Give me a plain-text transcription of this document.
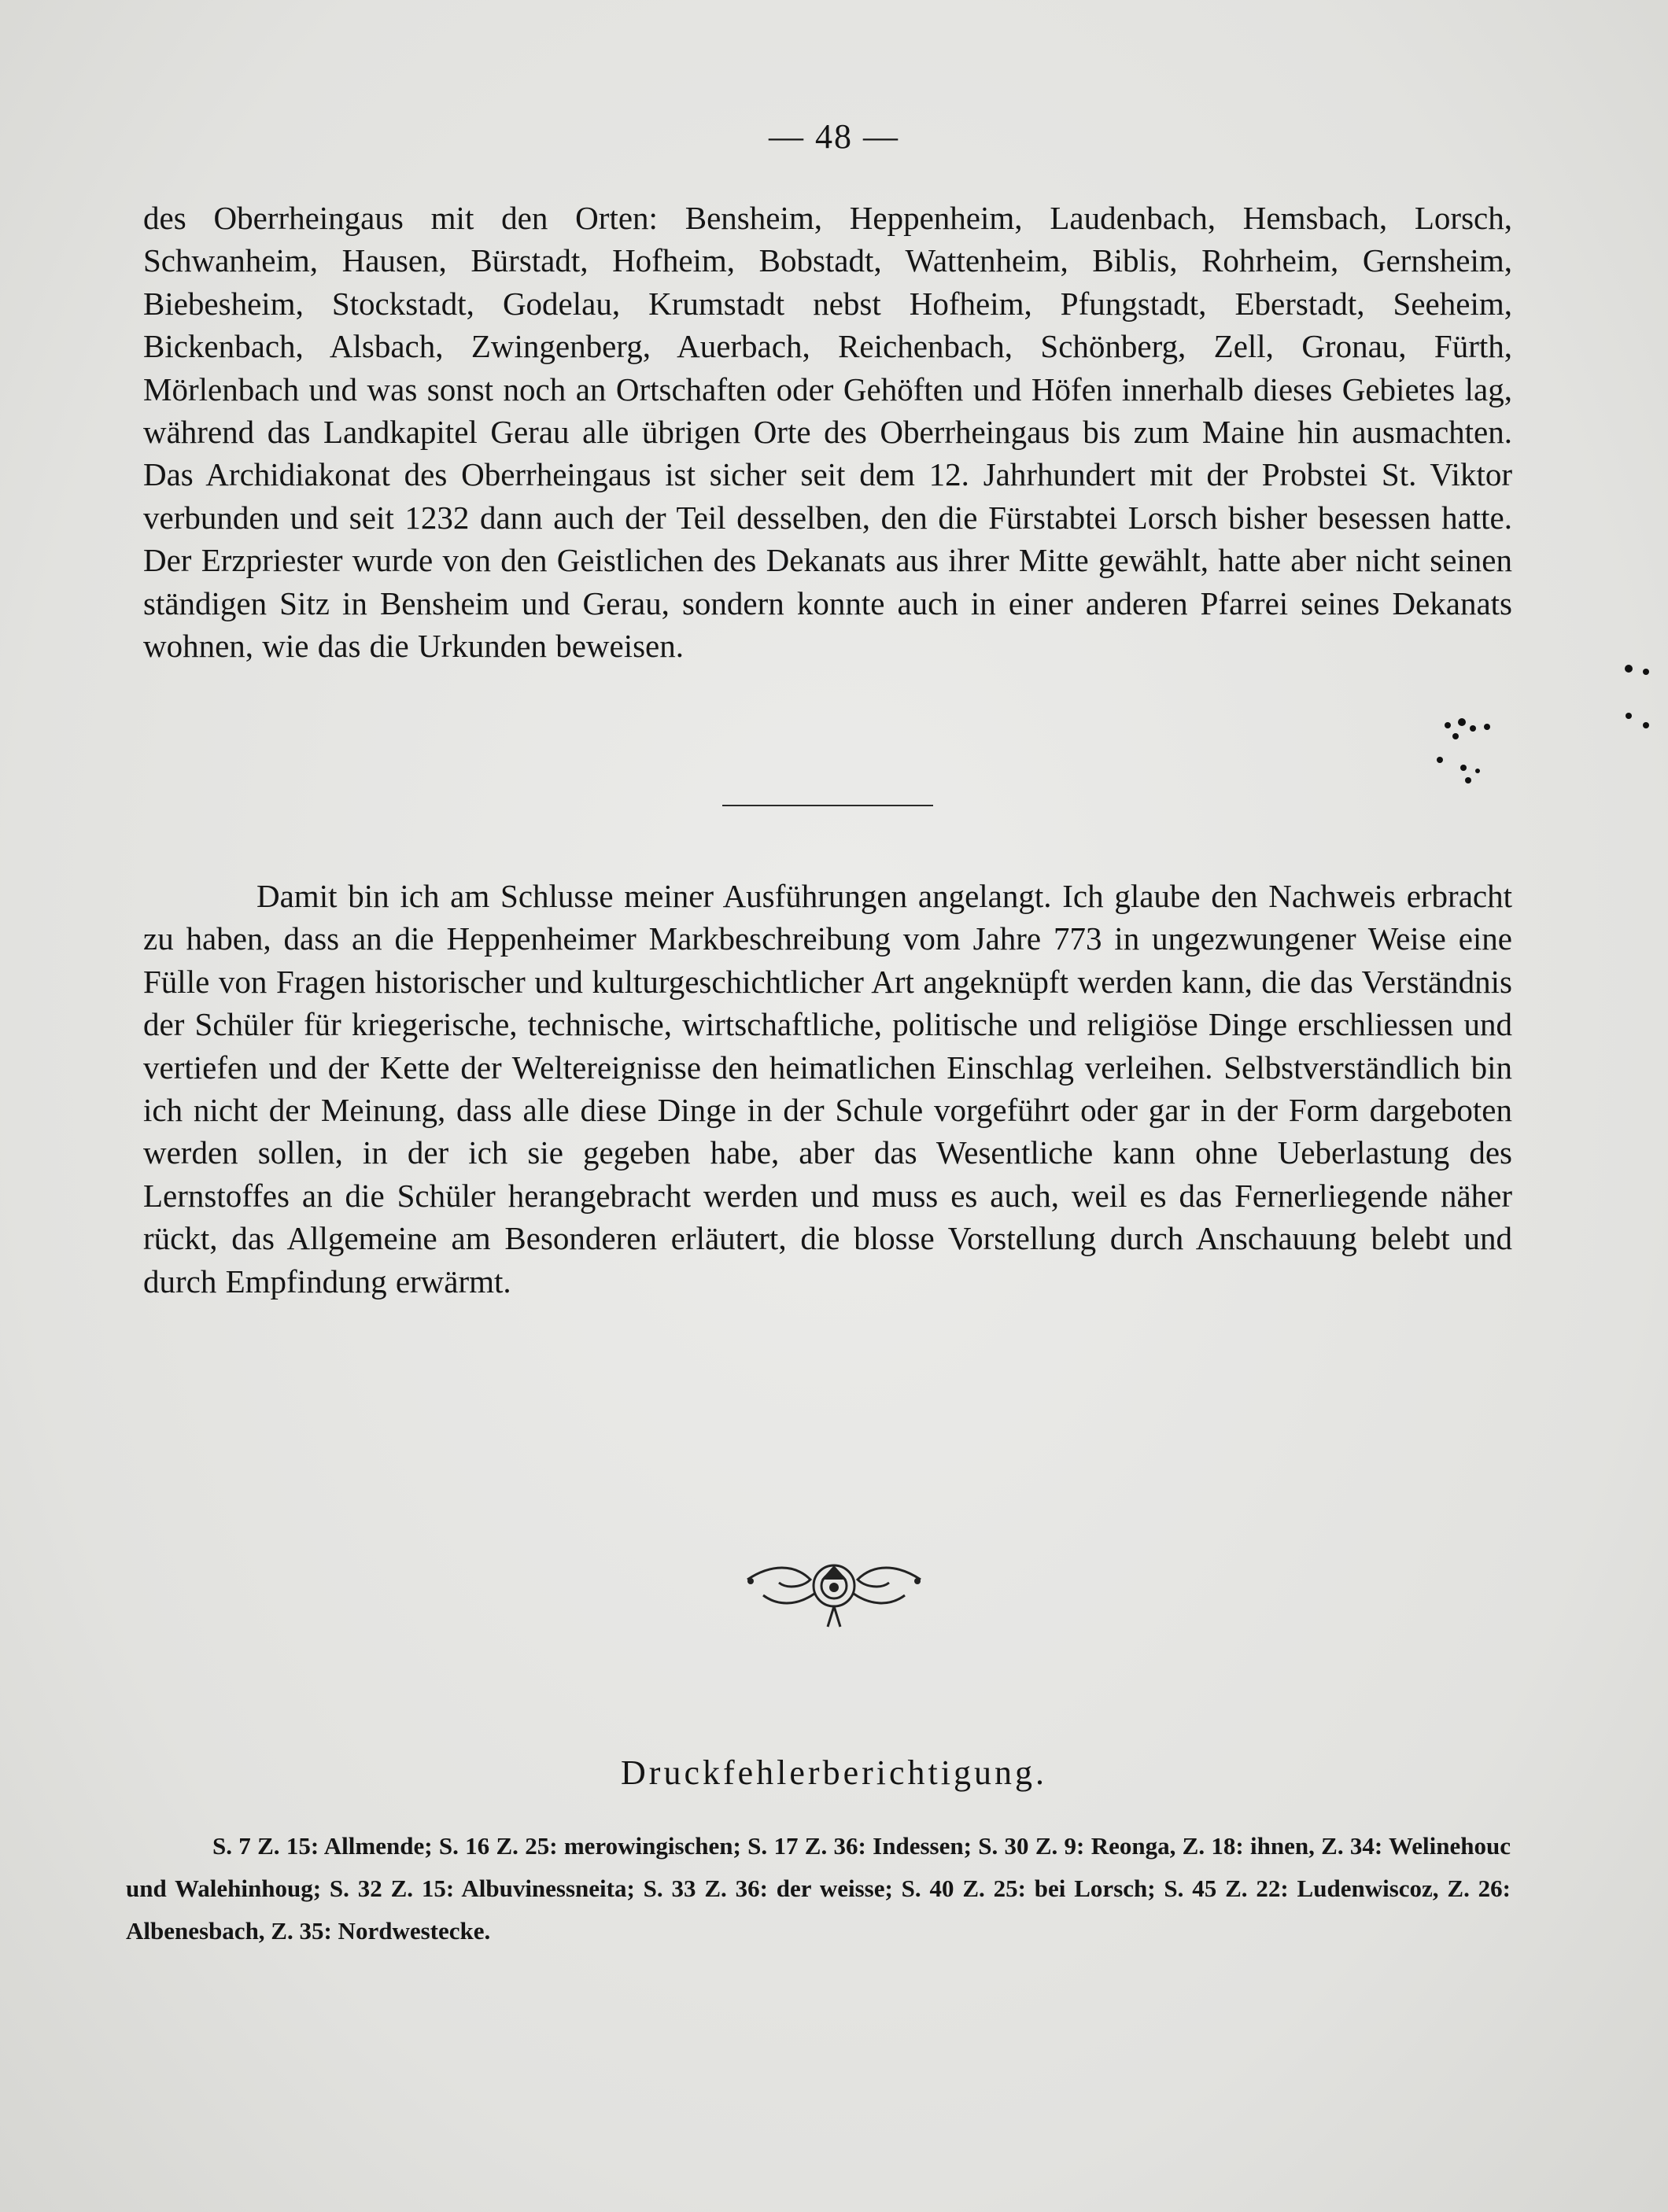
— 48 —

des Oberrheingaus mit den Orten: Bensheim, Heppenheim, Laudenbach, Hemsbach, Lorsch, Schwanheim, Hausen, Bürstadt, Hofheim, Bobstadt, Wattenheim, Biblis, Rohrheim, Gernsheim, Biebesheim, Stockstadt, Godelau, Krumstadt nebst Hofheim, Pfungstadt, Eberstadt, Seeheim, Bickenbach, Alsbach, Zwingenberg, Auerbach, Reichenbach, Schönberg, Zell, Gronau, Fürth, Mörlenbach und was sonst noch an Ortschaften oder Gehöften und Höfen innerhalb dieses Gebietes lag, während das Landkapitel Gerau alle übrigen Orte des Oberrheingaus bis zum Maine hin ausmachten. Das Archidiakonat des Oberrheingaus ist sicher seit dem 12. Jahrhundert mit der Probstei St. Viktor verbunden und seit 1232 dann auch der Teil desselben, den die Fürstabtei Lorsch bisher besessen hatte. Der Erzpriester wurde von den Geistlichen des Dekanats aus ihrer Mitte gewählt, hatte aber nicht seinen ständigen Sitz in Bensheim und Gerau, sondern konnte auch in einer anderen Pfarrei seines Dekanats wohnen, wie das die Urkunden beweisen.

Damit bin ich am Schlusse meiner Ausführungen angelangt. Ich glaube den Nachweis erbracht zu haben, dass an die Heppenheimer Markbeschreibung vom Jahre 773 in ungezwungener Weise eine Fülle von Fragen historischer und kulturgeschichtlicher Art angeknüpft werden kann, die das Verständnis der Schüler für kriegerische, technische, wirtschaftliche, politische und religiöse Dinge erschliessen und vertiefen und der Kette der Weltereignisse den heimatlichen Einschlag verleihen. Selbstverständlich bin ich nicht der Meinung, dass alle diese Dinge in der Schule vorgeführt oder gar in der Form dargeboten werden sollen, in der ich sie gegeben habe, aber das Wesentliche kann ohne Ueberlastung des Lernstoffes an die Schüler herangebracht werden und muss es auch, weil es das Fernerliegende näher rückt, das Allgemeine am Besonderen erläutert, die blosse Vorstellung durch Anschauung belebt und durch Empfindung erwärmt.

Druckfehlerberichtigung.

S. 7 Z. 15: Allmende; S. 16 Z. 25: merowingischen; S. 17 Z. 36: Indessen; S. 30 Z. 9: Reonga, Z. 18: ihnen, Z. 34: Welinehouc und Walehinhoug; S. 32 Z. 15: Albuvinessneita; S. 33 Z. 36: der weisse; S. 40 Z. 25: bei Lorsch; S. 45 Z. 22: Ludenwiscoz, Z. 26: Albenesbach, Z. 35: Nordwestecke.
